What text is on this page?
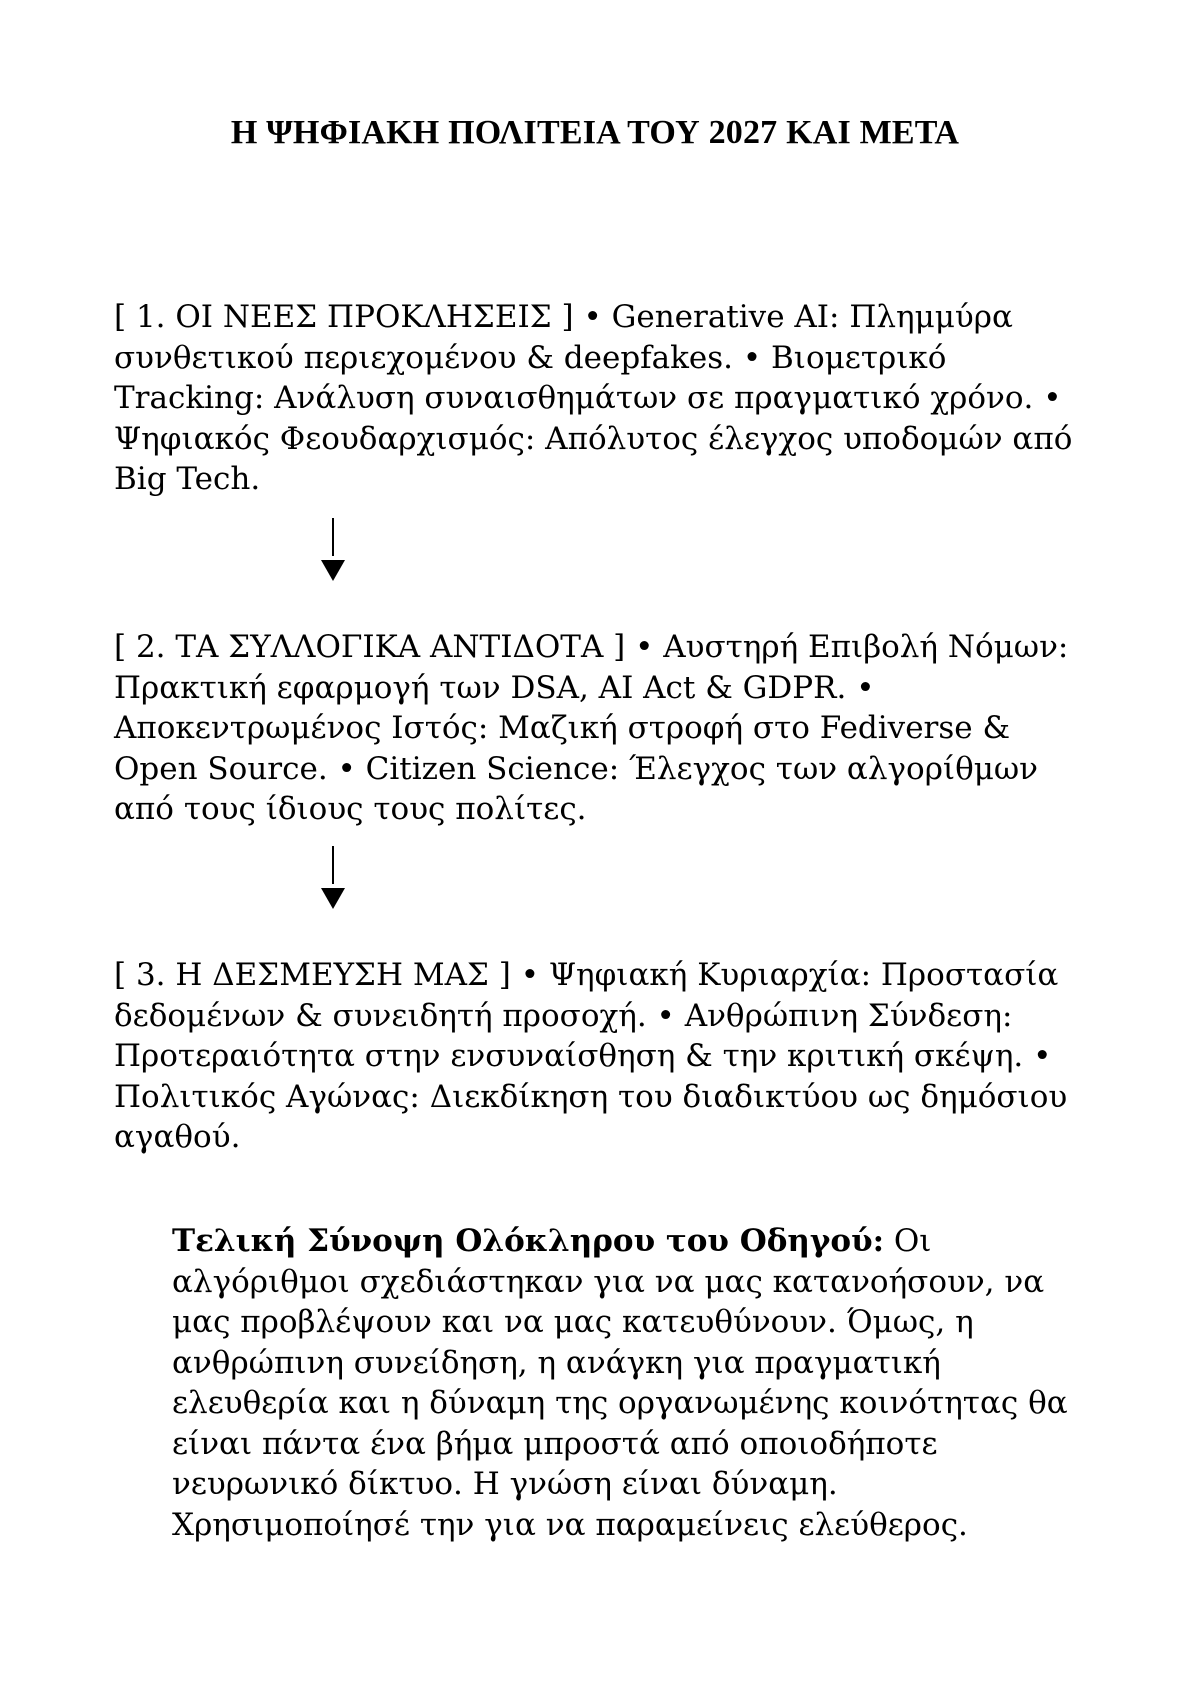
Η ΨΗΦΙΑΚΗ ΠΟΛΙΤΕΙΑ ΤΟΥ 2027 ΚΑΙ ΜΕΤΑ

[ 1. ΟΙ ΝΕΕΣ ΠΡΟΚΛΗΣΕΙΣ ] • Generative AI: Πλημμύρα συνθετικού περιεχομένου & deepfakes. • Βιομετρικό Tracking: Ανάλυση συναισθημάτων σε πραγματικό χρόνο. • Ψηφιακός Φεουδαρχισμός: Απόλυτος έλεγχος υποδομών από Big Tech.

[ 2. ΤΑ ΣΥΛΛΟΓΙΚΑ ΑΝΤΙΔΟΤΑ ] • Αυστηρή Επιβολή Νόμων: Πρακτική εφαρμογή των DSA, AI Act & GDPR. • Αποκεντρωμένος Ιστός: Μαζική στροφή στο Fediverse & Open Source. • Citizen Science: Έλεγχος των αλγορίθμων από τους ίδιους τους πολίτες.

[ 3. Η ΔΕΣΜΕΥΣΗ ΜΑΣ ] • Ψηφιακή Κυριαρχία: Προστασία δεδομένων & συνειδητή προσοχή. • Ανθρώπινη Σύνδεση: Προτεραιότητα στην ενσυναίσθηση & την κριτική σκέψη. • Πολιτικός Αγώνας: Διεκδίκηση του διαδικτύου ως δημόσιου αγαθού.

Τελική Σύνοψη Ολόκληρου του Οδηγού: Οι αλγόριθμοι σχεδιάστηκαν για να μας κατανοήσουν, να μας προβλέψουν και να μας κατευθύνουν. Όμως, η ανθρώπινη συνείδηση, η ανάγκη για πραγματική ελευθερία και η δύναμη της οργανωμένης κοινότητας θα είναι πάντα ένα βήμα μπροστά από οποιοδήποτε νευρωνικό δίκτυο. Η γνώση είναι δύναμη. Χρησιμοποίησέ την για να παραμείνεις ελεύθερος.
